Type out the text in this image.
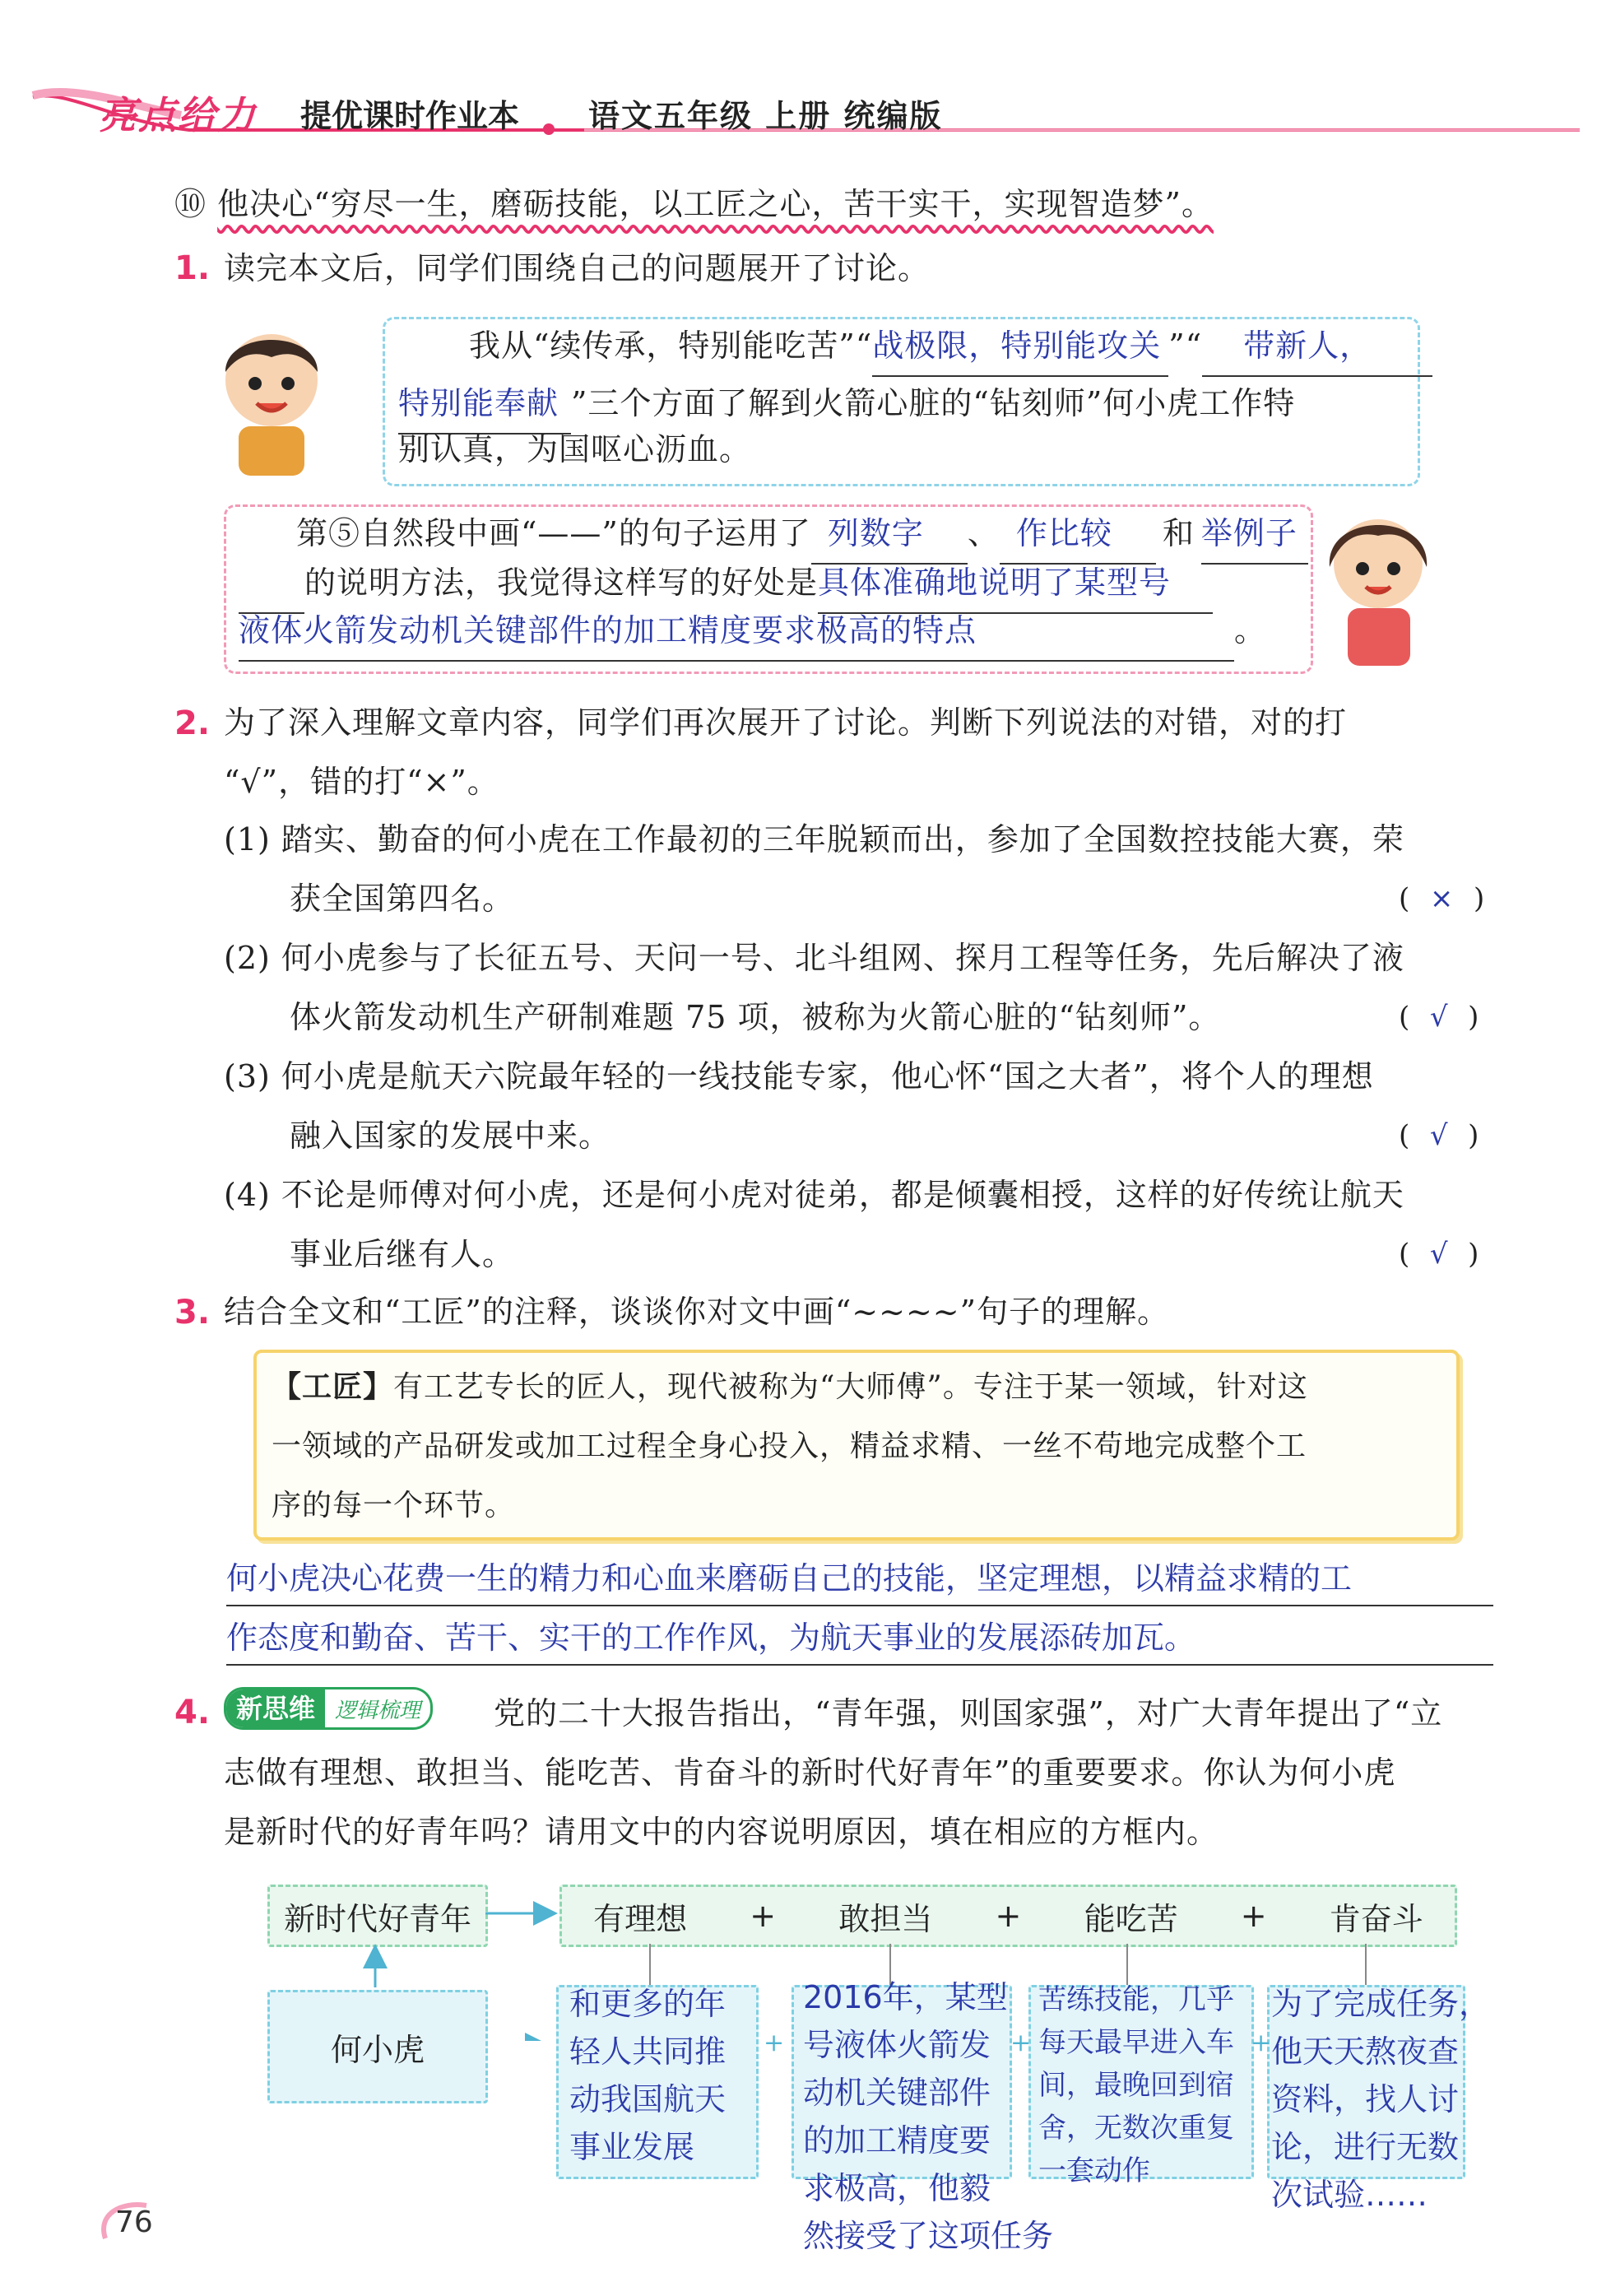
亮点给力 提优课时作业本 语文五年级 上册 统编版
⑩ 他决心“穷尽一生，磨砺技能，以工匠之心，苦干实干，实现智造梦”。
1. 读完本文后，同学们围绕自己的问题展开了讨论。
我从“续传承，特别能吃苦”“战极限，特别能攻关 ”“ 带新人，
特别能奉献 ”三个方面了解到火箭心脏的“钻刻师”何小虎工作特
别认真，为国呕心沥血。
第⑤自然段中画“——”的句子运用了 列数字 、 作比较 和 举例子
的说明方法，我觉得这样写的好处是具体准确地说明了某型号
液体火箭发动机关键部件的加工精度要求极高的特点	。
2. 为了深入理解文章内容，同学们再次展开了讨论。判断下列说法的对错，对的打
“√”，错的打“×”。
(1) 踏实、勤奋的何小虎在工作最初的三年脱颖而出，参加了全国数控技能大赛，荣
获全国第四名。	(  ×  )
(2) 何小虎参与了长征五号、天问一号、北斗组网、探月工程等任务，先后解决了液
体火箭发动机生产研制难题 75 项，被称为火箭心脏的“钻刻师”。	(  √  )
(3) 何小虎是航天六院最年轻的一线技能专家，他心怀“国之大者”，将个人的理想
融入国家的发展中来。	(  √  )
(4) 不论是师傅对何小虎，还是何小虎对徒弟，都是倾囊相授，这样的好传统让航天
事业后继有人。	(  √  )
3. 结合全文和“工匠”的注释，谈谈你对文中画“~~~~”句子的理解。
【工匠】有工艺专长的匠人，现代被称为“大师傅”。专注于某一领域，针对这
一领域的产品研发或加工过程全身心投入，精益求精、一丝不苟地完成整个工
序的每一个环节。
何小虎决心花费一生的精力和心血来磨砺自己的技能，坚定理想，以精益求精的工
作态度和勤奋、苦干、实干的工作作风，为航天事业的发展添砖加瓦。
4. 新思维 逻辑梳理	党的二十大报告指出，“青年强，则国家强”，对广大青年提出了“立
志做有理想、敢担当、能吃苦、肯奋斗的新时代好青年”的重要要求。你认为何小虎
是新时代的好青年吗？请用文中的内容说明原因，填在相应的方框内。
新时代好青年	有理想 + 敢担当 + 能吃苦 + 肯奋斗
何小虎	+	+	+
和更多的年
轻人共同推
动我国航天
事业发展
2016年，某型
号液体火箭发
动机关键部件
的加工精度要
求极高，他毅
然接受了这项任务
苦练技能，几乎
每天最早进入车
间，最晚回到宿
舍，无数次重复
一套动作
为了完成任务，
他天天熬夜查
资料，找人讨
论，进行无数
次试验……
76
